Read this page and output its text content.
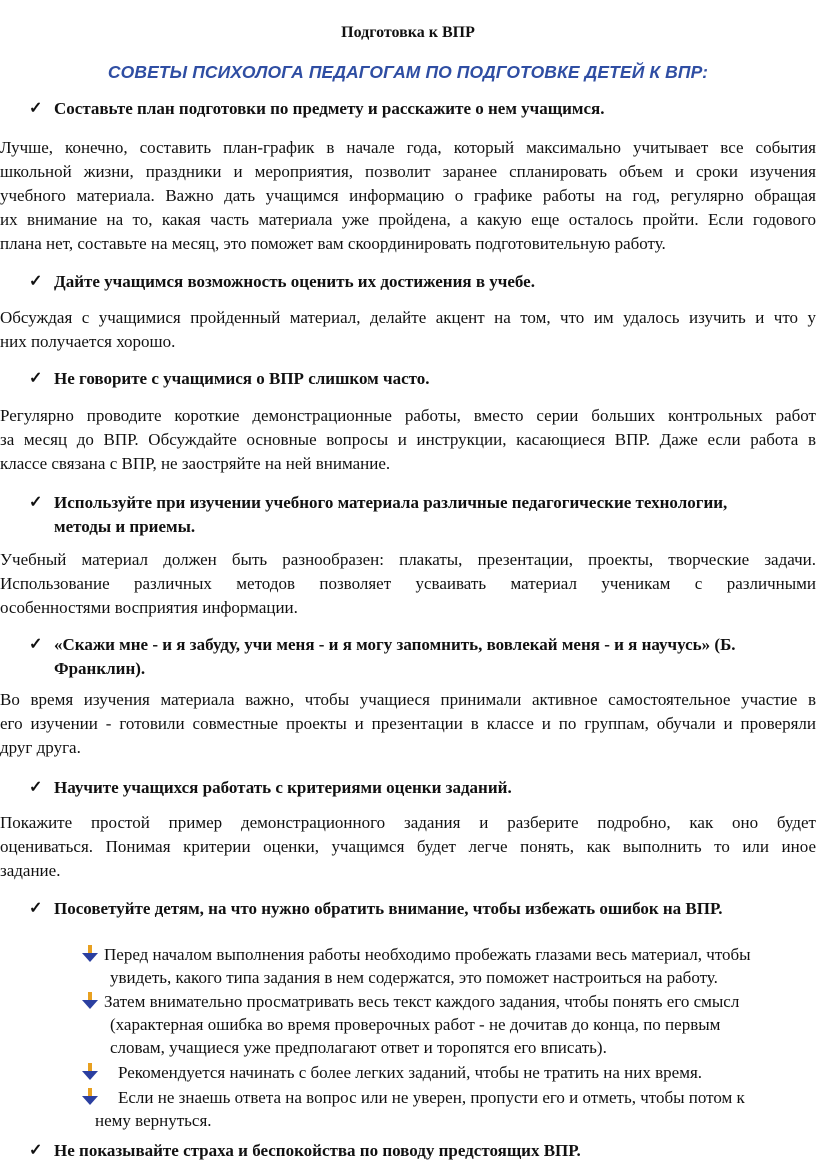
Подготовка к ВПР
СОВЕТЫ ПСИХОЛОГА ПЕДАГОГАМ ПО ПОДГОТОВКЕ ДЕТЕЙ К ВПР:
✓ Составьте план подготовки по предмету и расскажите о нем учащимся.
Лучше, конечно, составить план-график в начале года, который максимально учитывает все события
школьной жизни, праздники и мероприятия, позволит заранее спланировать объем и сроки изучения
учебного материала. Важно дать учащимся информацию о графике работы на год, регулярно обращая
их внимание на то, какая часть материала уже пройдена, а какую еще осталось пройти. Если годового
плана нет, составьте на месяц, это поможет вам скоординировать подготовительную работу.
✓ Дайте учащимся возможность оценить их достижения в учебе.
Обсуждая с учащимися пройденный материал, делайте акцент на том, что им удалось изучить и что у
них получается хорошо.
✓ Не говорите с учащимися о ВПР слишком часто.
Регулярно проводите короткие демонстрационные работы, вместо серии больших контрольных работ
за месяц до ВПР. Обсуждайте основные вопросы и инструкции, касающиеся ВПР. Даже если работа в
классе связана с ВПР, не заостряйте на ней внимание.
✓ Используйте при изучении учебного материала различные педагогические технологии,
методы и приемы.
Учебный материал должен быть разнообразен: плакаты, презентации, проекты, творческие задачи.
Использование различных методов позволяет усваивать материал ученикам с различными
особенностями восприятия информации.
✓ «Скажи мне - и я забуду, учи меня - и я могу запомнить, вовлекай меня - и я научусь» (Б.
Франклин).
Во время изучения материала важно, чтобы учащиеся принимали активное самостоятельное участие в
его изучении - готовили совместные проекты и презентации в классе и по группам, обучали и проверяли
друг друга.
✓ Научите учащихся работать с критериями оценки заданий.
Покажите простой пример демонстрационного задания и разберите подробно, как оно будет
оцениваться. Понимая критерии оценки, учащимся будет легче понять, как выполнить то или иное
задание.
✓ Посоветуйте детям, на что нужно обратить внимание, чтобы избежать ошибок на ВПР.
Перед началом выполнения работы необходимо пробежать глазами весь материал, чтобы
увидеть, какого типа задания в нем содержатся, это поможет настроиться на работу.
Затем внимательно просматривать весь текст каждого задания, чтобы понять его смысл
(характерная ошибка во время проверочных работ - не дочитав до конца, по первым
словам, учащиеся уже предполагают ответ и торопятся его вписать).
Рекомендуется начинать с более легких заданий, чтобы не тратить на них время.
Если не знаешь ответа на вопрос или не уверен, пропусти его и отметь, чтобы потом к
нему вернуться.
✓ Не показывайте страха и беспокойства по поводу предстоящих ВПР.
